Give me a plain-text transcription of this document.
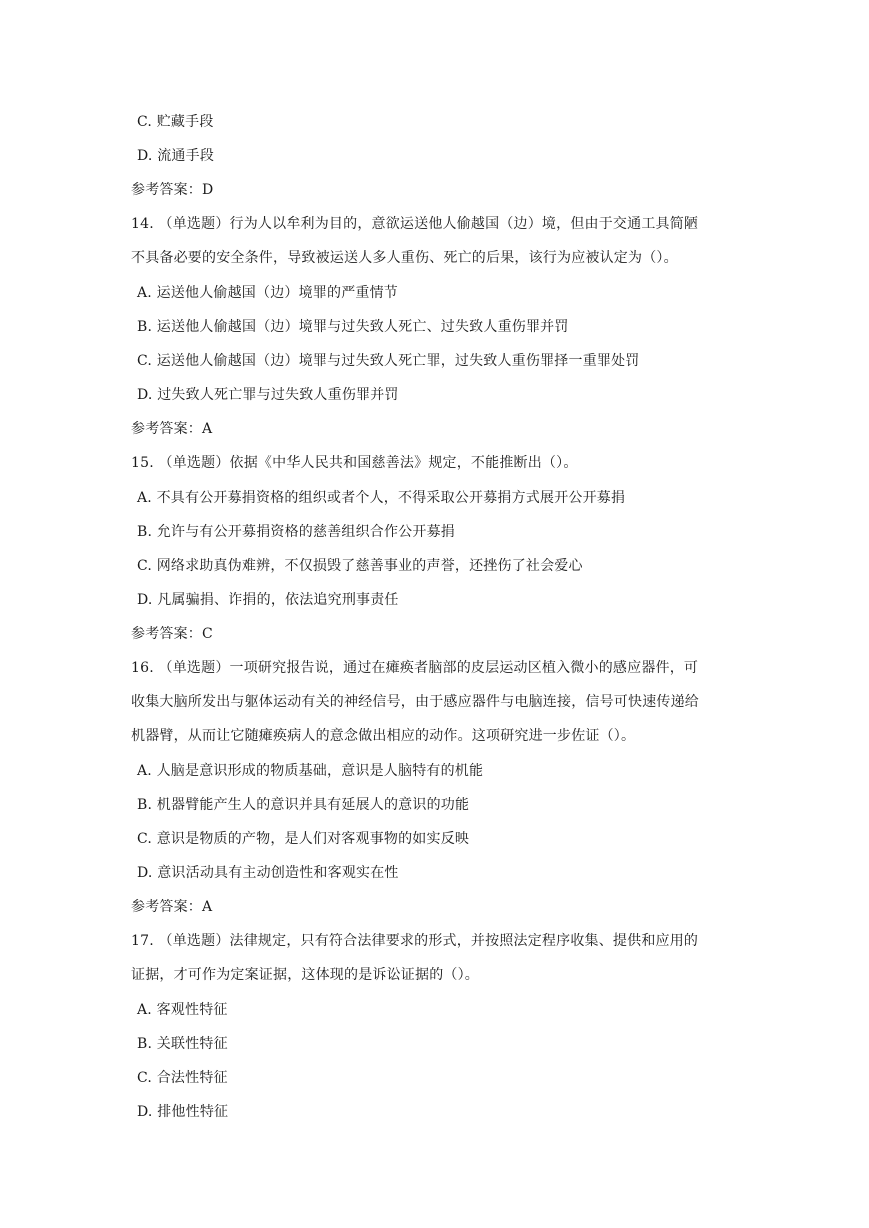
C. 贮藏手段
D. 流通手段
参考答案：D
14. （单选题）行为人以牟利为目的，意欲运送他人偷越国（边）境，但由于交通工具简陋
不具备必要的安全条件，导致被运送人多人重伤、死亡的后果，该行为应被认定为（）。
A. 运送他人偷越国（边）境罪的严重情节
B. 运送他人偷越国（边）境罪与过失致人死亡、过失致人重伤罪并罚
C. 运送他人偷越国（边）境罪与过失致人死亡罪，过失致人重伤罪择一重罪处罚
D. 过失致人死亡罪与过失致人重伤罪并罚
参考答案：A
15. （单选题）依据《中华人民共和国慈善法》规定，不能推断出（）。
A. 不具有公开募捐资格的组织或者个人，不得采取公开募捐方式展开公开募捐
B. 允许与有公开募捐资格的慈善组织合作公开募捐
C. 网络求助真伪难辨，不仅损毁了慈善事业的声誉，还挫伤了社会爱心
D. 凡属骗捐、诈捐的，依法追究刑事责任
参考答案：C
16. （单选题）一项研究报告说，通过在瘫痪者脑部的皮层运动区植入微小的感应器件，可
收集大脑所发出与躯体运动有关的神经信号，由于感应器件与电脑连接，信号可快速传递给
机器臂，从而让它随瘫痪病人的意念做出相应的动作。这项研究进一步佐证（）。
A. 人脑是意识形成的物质基础，意识是人脑特有的机能
B. 机器臂能产生人的意识并具有延展人的意识的功能
C. 意识是物质的产物，是人们对客观事物的如实反映
D. 意识活动具有主动创造性和客观实在性
参考答案：A
17. （单选题）法律规定，只有符合法律要求的形式，并按照法定程序收集、提供和应用的
证据，才可作为定案证据，这体现的是诉讼证据的（）。
A. 客观性特征
B. 关联性特征
C. 合法性特征
D. 排他性特征
